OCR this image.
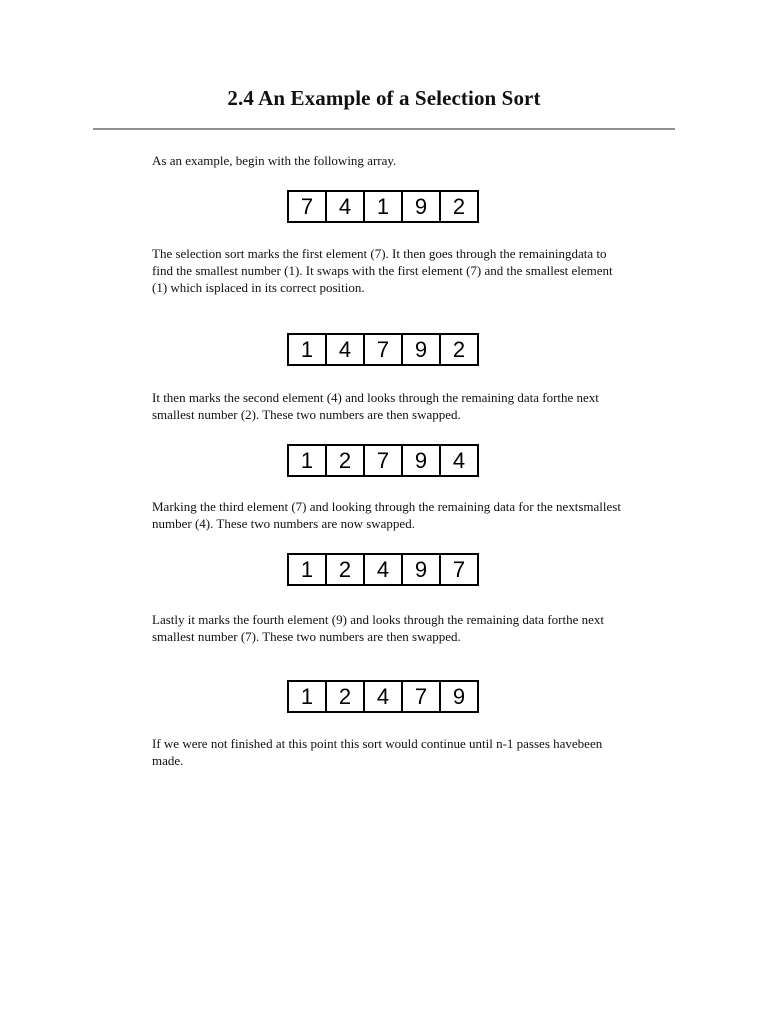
2.4 An Example of a Selection Sort

As an example, begin with the following array.

7	4	1	9	2

The selection sort marks the first element (7). It then goes through the remainingdata to find the smallest number (1). It swaps with the first element (7) and the smallest element (1) which isplaced in its correct position.

1	4	7	9	2

It then marks the second element (4) and looks through the remaining data forthe next smallest number (2). These two numbers are then swapped.

1	2	7	9	4

Marking the third element (7) and looking through the remaining data for the nextsmallest number (4). These two numbers are now swapped.

1	2	4	9	7

Lastly it marks the fourth element (9) and looks through the remaining data forthe next smallest number (7). These two numbers are then swapped.

1	2	4	7	9

If we were not finished at this point this sort would continue until n-1 passes havebeen made.
